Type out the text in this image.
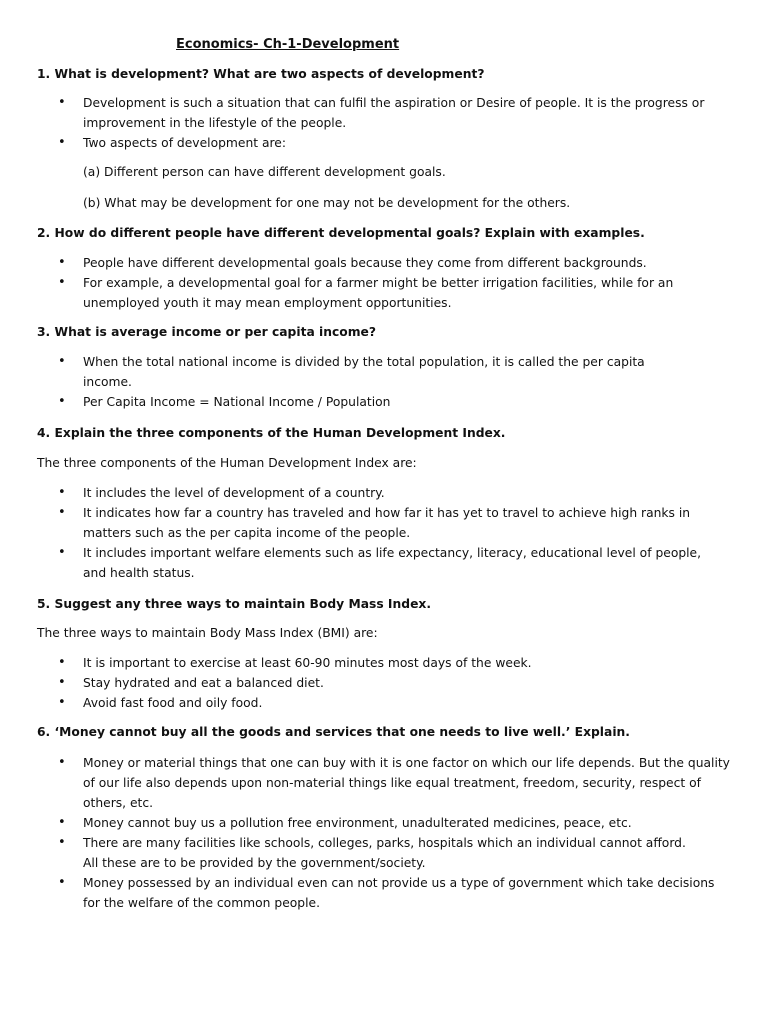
Economics- Ch-1-Development
1. What is development? What are two aspects of development?
• Development is such a situation that can fulfil the aspiration or Desire of people. It is the progress or improvement in the lifestyle of the people.
• Two aspects of development are:
(a) Different person can have different development goals.
(b) What may be development for one may not be development for the others.
2. How do different people have different developmental goals? Explain with examples.
• People have different developmental goals because they come from different backgrounds.
• For example, a developmental goal for a farmer might be better irrigation facilities, while for an unemployed youth it may mean employment opportunities.
3. What is average income or per capita income?
• When the total national income is divided by the total population, it is called the per capita income.
• Per Capita Income = National Income / Population
4. Explain the three components of the Human Development Index.
The three components of the Human Development Index are:
• It includes the level of development of a country.
• It indicates how far a country has traveled and how far it has yet to travel to achieve high ranks in matters such as the per capita income of the people.
• It includes important welfare elements such as life expectancy, literacy, educational level of people, and health status.
5. Suggest any three ways to maintain Body Mass Index.
The three ways to maintain Body Mass Index (BMI) are:
• It is important to exercise at least 60-90 minutes most days of the week.
• Stay hydrated and eat a balanced diet.
• Avoid fast food and oily food.
6. ‘Money cannot buy all the goods and services that one needs to live well.’ Explain.
• Money or material things that one can buy with it is one factor on which our life depends. But the quality of our life also depends upon non-material things like equal treatment, freedom, security, respect of others, etc.
• Money cannot buy us a pollution free environment, unadulterated medicines, peace, etc.
• There are many facilities like schools, colleges, parks, hospitals which an individual cannot afford. All these are to be provided by the government/society.
• Money possessed by an individual even can not provide us a type of government which take decisions for the welfare of the common people.
